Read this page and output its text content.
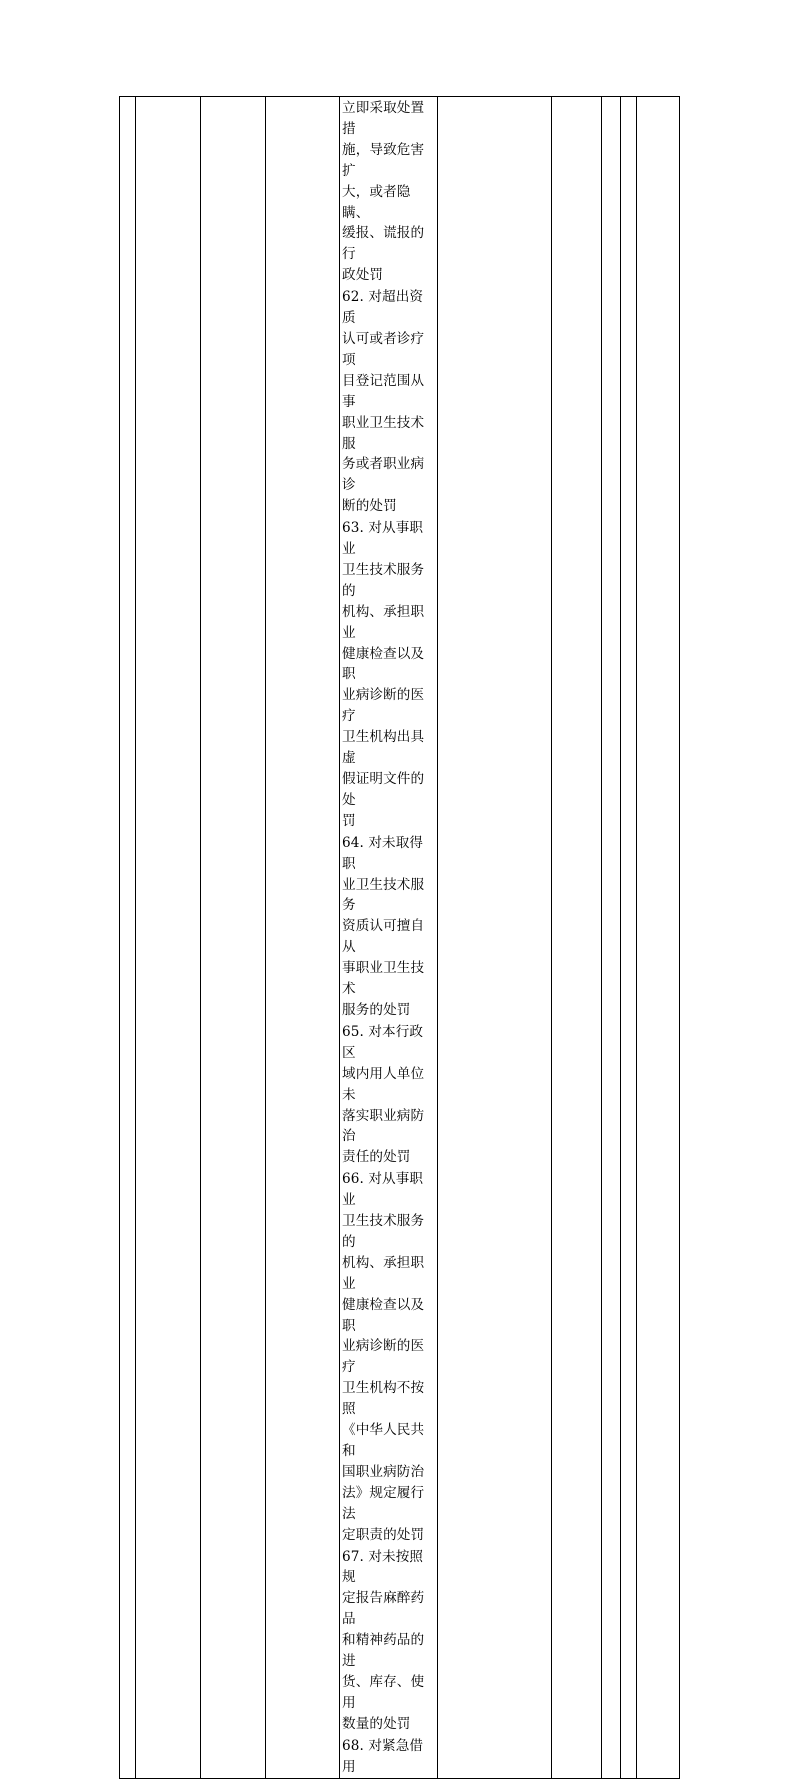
立即采取处置措
施，导致危害扩
大，或者隐瞒、
缓报、谎报的行
政处罚
62. 对超出资质
认可或者诊疗项
目登记范围从事
职业卫生技术服
务或者职业病诊
断的处罚
63. 对从事职业
卫生技术服务的
机构、承担职业
健康检查以及职
业病诊断的医疗
卫生机构出具虚
假证明文件的处
罚
64. 对未取得职
业卫生技术服务
资质认可擅自从
事职业卫生技术
服务的处罚
65. 对本行政区
域内用人单位未
落实职业病防治
责任的处罚
66. 对从事职业
卫生技术服务的
机构、承担职业
健康检查以及职
业病诊断的医疗
卫生机构不按照
《中华人民共和
国职业病防治
法》规定履行法
定职责的处罚
67. 对未按照规
定报告麻醉药品
和精神药品的进
货、库存、使用
数量的处罚
68. 对紧急借用
